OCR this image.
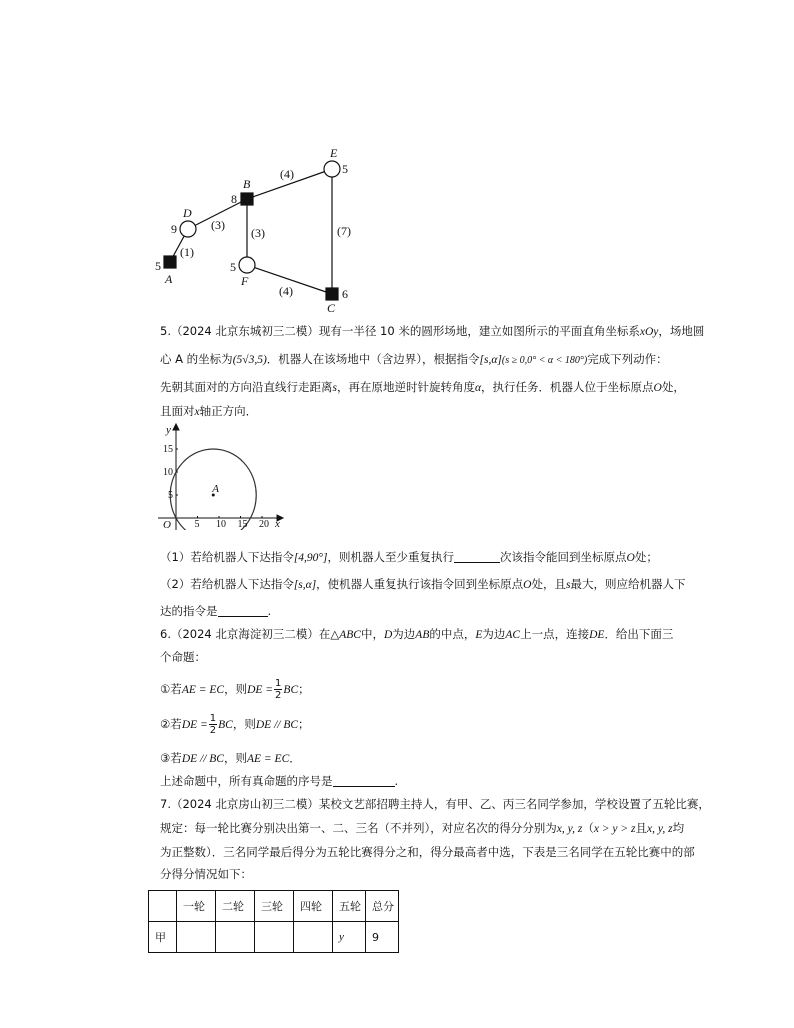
A
5
D
9
B
8
E
5
F
5
C
6
(1)
(3)
(4)
(3)	(7)
(4)
5.（2024 北京东城初三二模）现有一半径 10 米的圆形场地，建立如图所示的平面直角坐标系xOy，场地圆
心 A 的坐标为(5√3,5)．机器人在该场地中（含边界），根据指令[s,α](s ≥ 0,0° < α < 180°)完成下列动作：
先朝其面对的方向沿直线行走距离s，再在原地逆时针旋转角度α，执行任务．机器人位于坐标原点O处，
且面对x轴正方向．
5 10 15 20
5
10
15
A
y
x
O
（1）若给机器人下达指令[4,90°]，则机器人至少重复执行	次该指令能回到坐标原点O处；
（2）若给机器人下达指令[s,α]，使机器人重复执行该指令回到坐标原点O处，且s最大，则应给机器人下
达的指令是	.
6.（2024 北京海淀初三二模）在△ABC中，D为边AB的中点，E为边AC上一点，连接DE．给出下面三
个命题：
①若AE = EC，则DE = $\frac{1}{2}$ BC；
②若DE = $\frac{1}{2}$ BC，则DE // BC；
③若DE // BC，则AE = EC．
上述命题中，所有真命题的序号是	.
7.（2024 北京房山初三二模）某校文艺部招聘主持人，有甲、乙、丙三名同学参加，学校设置了五轮比赛，
规定：每一轮比赛分别决出第一、二、三名（不并列），对应名次的得分分别为x, y, z（x > y > z且x, y, z均
为正整数）．三名同学最后得分为五轮比赛得分之和，得分最高者中选，下表是三名同学在五轮比赛中的部
分得分情况如下：
	一轮	二轮	三轮	四轮	五轮	总分
甲					y	9
